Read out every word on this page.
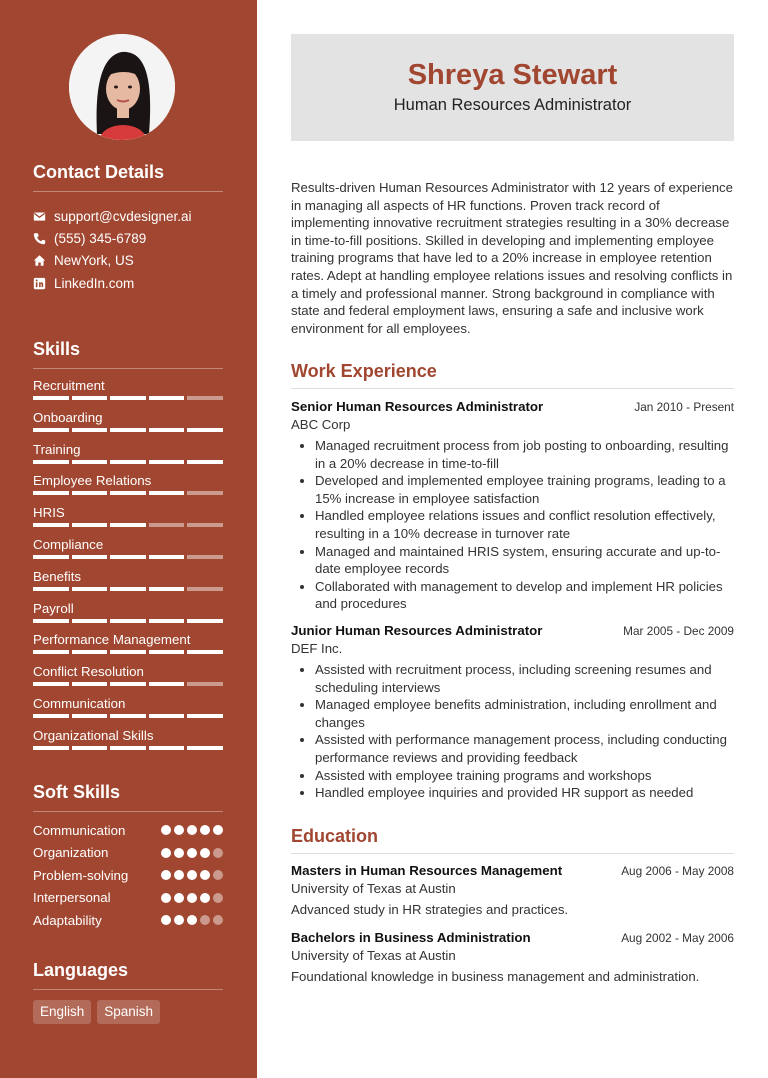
Contact Details
support@cvdesigner.ai
(555) 345-6789
NewYork, US
LinkedIn.com
Skills
Recruitment
Onboarding
Training
Employee Relations
HRIS
Compliance
Benefits
Payroll
Performance Management
Conflict Resolution
Communication
Organizational Skills
Soft Skills
Communication
Organization
Problem-solving
Interpersonal
Adaptability
Languages
English	Spanish
Shreya Stewart
Human Resources Administrator

Results-driven Human Resources Administrator with 12 years of experience in managing all aspects of HR functions. Proven track record of implementing innovative recruitment strategies resulting in a 30% decrease in time-to-fill positions. Skilled in developing and implementing employee training programs that have led to a 20% increase in employee retention rates. Adept at handling employee relations issues and resolving conflicts in a timely and professional manner. Strong background in compliance with state and federal employment laws, ensuring a safe and inclusive work environment for all employees.

Work Experience
Senior Human Resources Administrator	Jan 2010 - Present
ABC Corp
• Managed recruitment process from job posting to onboarding, resulting in a 20% decrease in time-to-fill
• Developed and implemented employee training programs, leading to a 15% increase in employee satisfaction
• Handled employee relations issues and conflict resolution effectively, resulting in a 10% decrease in turnover rate
• Managed and maintained HRIS system, ensuring accurate and up-to-date employee records
• Collaborated with management to develop and implement HR policies and procedures
Junior Human Resources Administrator	Mar 2005 - Dec 2009
DEF Inc.
• Assisted with recruitment process, including screening resumes and scheduling interviews
• Managed employee benefits administration, including enrollment and changes
• Assisted with performance management process, including conducting performance reviews and providing feedback
• Assisted with employee training programs and workshops
• Handled employee inquiries and provided HR support as needed
Education
Masters in Human Resources Management	Aug 2006 - May 2008
University of Texas at Austin
Advanced study in HR strategies and practices.
Bachelors in Business Administration	Aug 2002 - May 2006
University of Texas at Austin
Foundational knowledge in business management and administration.
